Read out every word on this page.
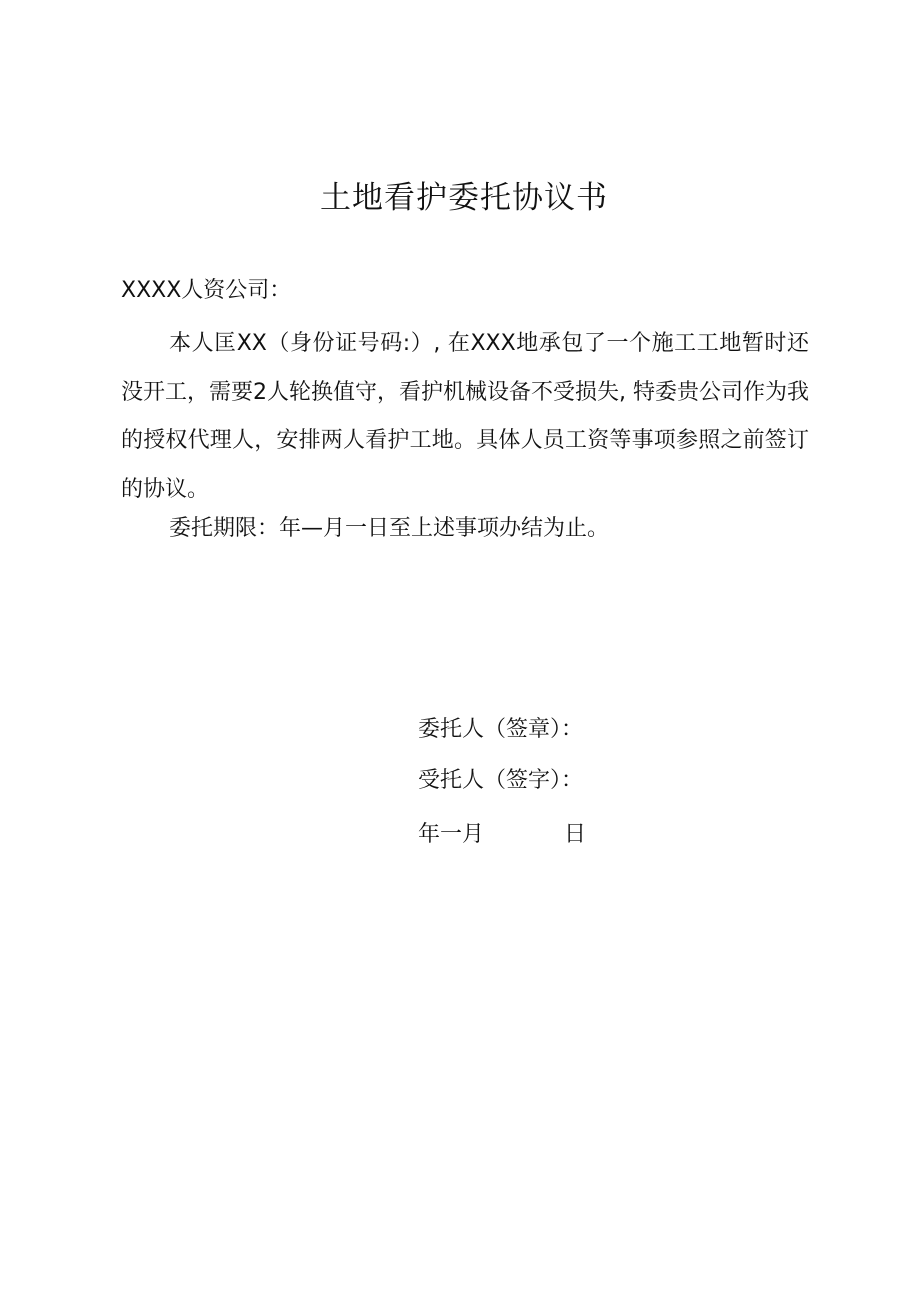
土地看护委托协议书
XXXX人资公司：

本人匡XX（身份证号码:）, 在XXX地承包了一个施工工地暂时还没开工，需要2人轮换值守，看护机械设备不受损失, 特委贵公司作为我的授权代理人，安排两人看护工地。具体人员工资等事项参照之前签订的协议。

委托期限：年—月一日至上述事项办结为止。

委托人（签章）：
受托人（签字）：
年一月	日
